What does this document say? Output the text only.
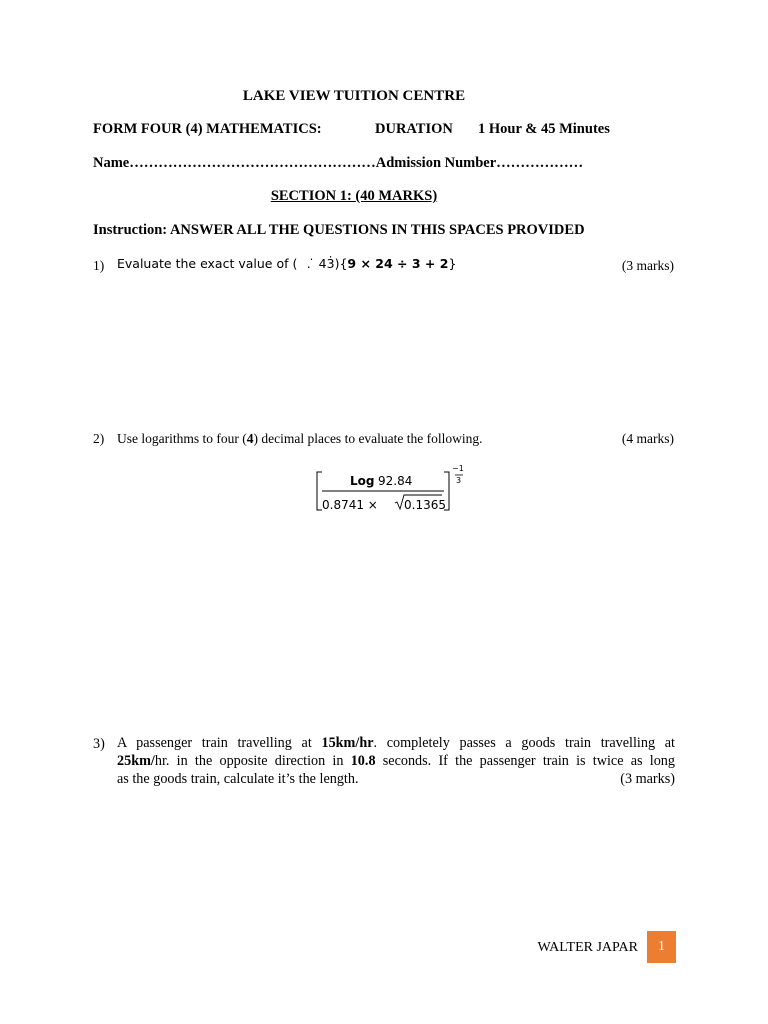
LAKE VIEW TUITION CENTRE
FORM FOUR (4) MATHEMATICS:	DURATION 1 Hour & 45 Minutes
Name……………………………………………Admission Number………………
SECTION 1: (40 MARKS)
Instruction: ANSWER ALL THE QUESTIONS IN THIS SPACES PROVIDED
1) Evaluate the exact value of ( . ̇ 43̇){9 × 24 ÷ 3 + 2}	(3 marks)
2) Use logarithms to four (4) decimal places to evaluate the following.	(4 marks)
Log 92.84
0.8741 × 0.1365
−1
3
3) A passenger train travelling at 15km/hr. completely passes a goods train travelling at
25km/hr. in the opposite direction in 10.8 seconds. If the passenger train is twice as long
as the goods train, calculate it’s the length.	(3 marks)
WALTER JAPAR	1
